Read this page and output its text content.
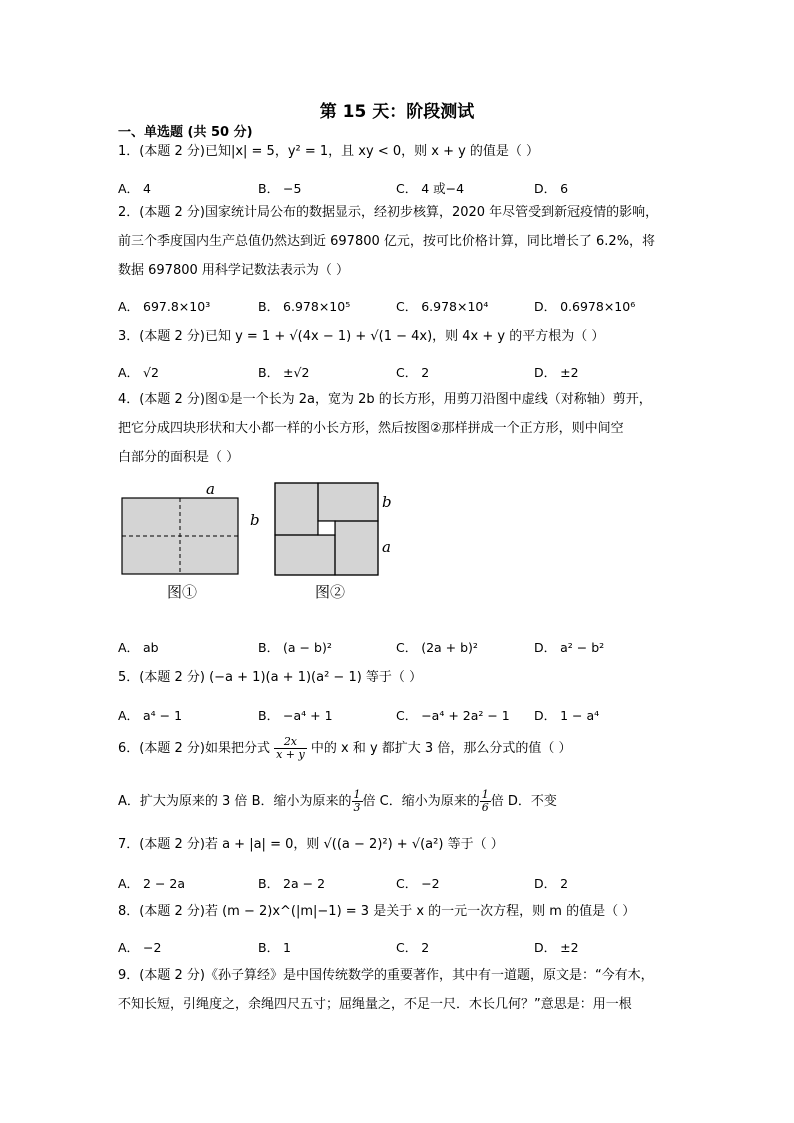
第 15 天：阶段测试
一、单选题 (共 50 分)
1．(本题 2 分)已知|x| = 5，y² = 1，且 xy < 0，则 x + y 的值是（ ）
A． 4	B． −5	C． 4 或−4	D． 6
2．(本题 2 分)国家统计局公布的数据显示，经初步核算，2020 年尽管受到新冠疫情的影响，
前三个季度国内生产总值仍然达到近 697800 亿元，按可比价格计算，同比增长了 6.2%，将
数据 697800 用科学记数法表示为（ ）
A． 697.8×10³	B． 6.978×10⁵	C． 6.978×10⁴	D． 0.6978×10⁶
3．(本题 2 分)已知 y = 1 + √(4x − 1) + √(1 − 4x)，则 4x + y 的平方根为（ ）
A． √2	B． ±√2	C． 2	D． ±2
4．(本题 2 分)图①是一个长为 2a，宽为 2b 的长方形，用剪刀沿图中虚线（对称轴）剪开，
把它分成四块形状和大小都一样的小长方形，然后按图②那样拼成一个正方形，则中间空
白部分的面积是（ ）
a
b
图①
b
a
图②
A． ab	B． (a − b)²	C． (2a + b)²	D． a² − b²
5．(本题 2 分) (−a + 1)(a + 1)(a² − 1) 等于（ ）
A． a⁴ − 1	B． −a⁴ + 1	C． −a⁴ + 2a² − 1 D． 1 − a⁴
6．(本题 2 分)如果把分式 $\frac{2x}{x + y}$ 中的 x 和 y 都扩大 3 倍，那么分式的值（ ）
A．扩大为原来的 3 倍 B．缩小为原来的 $\frac{1}{3}$ 倍 C．缩小为原来的 $\frac{1}{6}$ 倍 D．不变
7．(本题 2 分)若 a + |a| = 0，则 √((a − 2)²) + √(a²) 等于（ ）
A． 2 − 2a	B． 2a − 2	C． −2	D． 2
8．(本题 2 分)若 (m − 2)x^(|m|−1) = 3 是关于 x 的一元一次方程，则 m 的值是（ ）
A． −2	B． 1	C． 2	D． ±2
9．(本题 2 分)《孙子算经》是中国传统数学的重要著作，其中有一道题，原文是：“今有木，
不知长短，引绳度之，余绳四尺五寸；屈绳量之，不足一尺．木长几何？”意思是：用一根
